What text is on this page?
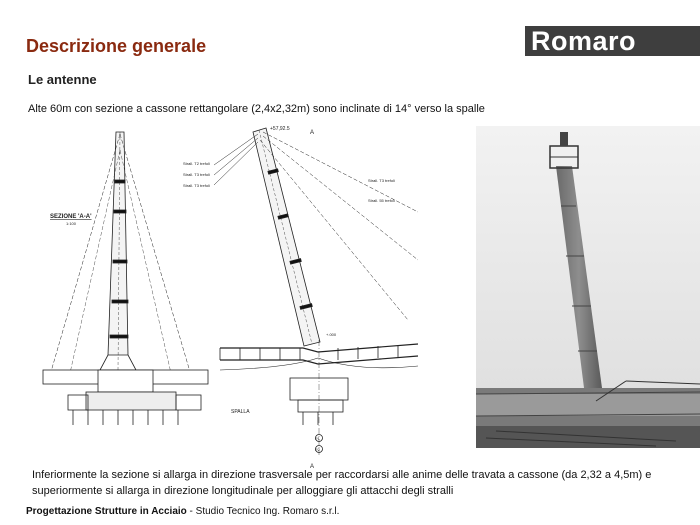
Descrizione generale	Romaro
Le antenne
Alte 60m con sezione a cassone rettangolare (2,4x2,32m) sono inclinate di 14° verso la spalle
SEZIONE 'A-A'
1:100
+57,92.5
A
A
SPALLA
Strall. T2 trefoli
Strall. T3 trefoli
Strall. T3 trefoli
Strall. T3 trefoli
Strall. 55 trefoli
+.000
P1
P2
Inferiormente la sezione si allarga in direzione trasversale per raccordarsi alle anime delle travata a cassone (da 2,32 a 4,5m) e superiormente si allarga in direzione longitudinale per alloggiare gli attacchi degli stralli
Progettazione Strutture in Acciaio - Studio Tecnico Ing. Romaro s.r.l.
